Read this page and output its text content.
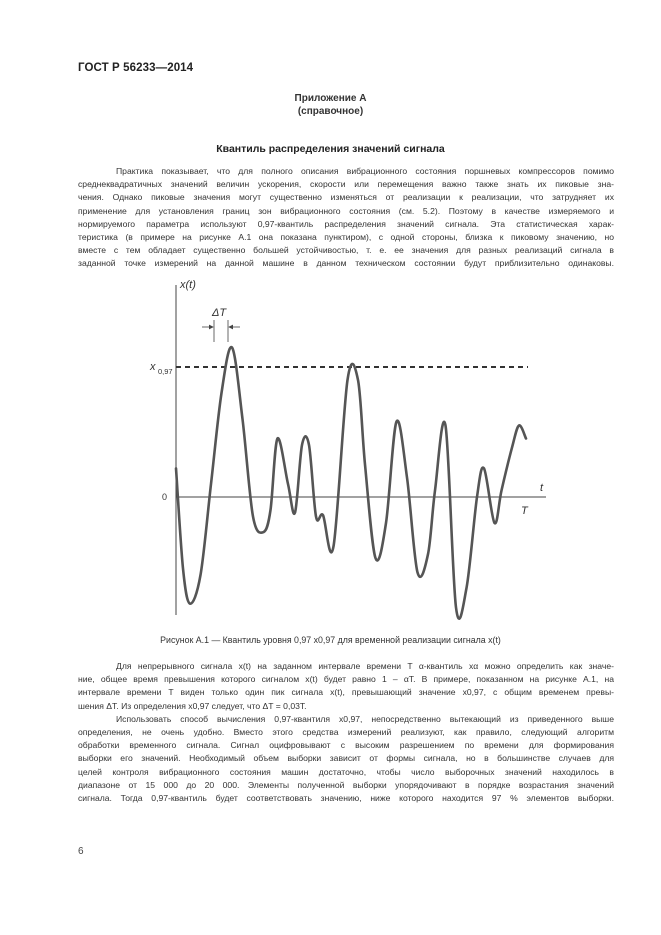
ГОСТ Р 56233—2014
Приложение А
(справочное)
Квантиль распределения значений сигнала
Практика показывает, что для полного описания вибрационного состояния поршневых компрессоров помимо
среднеквадратичных значений величин ускорения, скорости или перемещения важно также знать их пиковые зна-
чения. Однако пиковые значения могут существенно изменяться от реализации к реализации, что затрудняет их
применение для установления границ зон вибрационного состояния (см. 5.2). Поэтому в качестве измеряемого и
нормируемого параметра используют 0,97-квантиль распределения значений сигнала. Эта статистическая харак-
теристика (в примере на рисунке А.1 она показана пунктиром), с одной стороны, близка к пиковому значению, но
вместе с тем обладает существенно большей устойчивостью, т. е. ее значения для разных реализаций сигнала в
заданной точке измерений на данной машине в данном техническом состоянии будут приблизительно одинаковы.
x(t)
t
T
ΔT
x 0,97
0
Рисунок А.1 — Квантиль уровня 0,97 x0,97 для временной реализации сигнала x(t)
Для непрерывного сигнала x(t) на заданном интервале времени T α-квантиль xα можно определить как значе-
ние, общее время превышения которого сигналом x(t) будет равно 1 – αT. В примере, показанном на рисунке А.1, на
интервале времени T виден только один пик сигнала x(t), превышающий значение x0,97, с общим временем превы-
шения ΔT. Из определения x0,97 следует, что ΔT = 0,03T.
Использовать способ вычисления 0,97-квантиля x0,97, непосредственно вытекающий из приведенного выше
определения, не очень удобно. Вместо этого средства измерений реализуют, как правило, следующий алгоритм
обработки временного сигнала. Сигнал оцифровывают с высоким разрешением по времени для формирования
выборки его значений. Необходимый объем выборки зависит от формы сигнала, но в большинстве случаев для
целей контроля вибрационного состояния машин достаточно, чтобы число выборочных значений находилось в
диапазоне от 15 000 до 20 000. Элементы полученной выборки упорядочивают в порядке возрастания значений
сигнала. Тогда 0,97-квантиль будет соответствовать значению, ниже которого находится 97 % элементов выборки.
6
